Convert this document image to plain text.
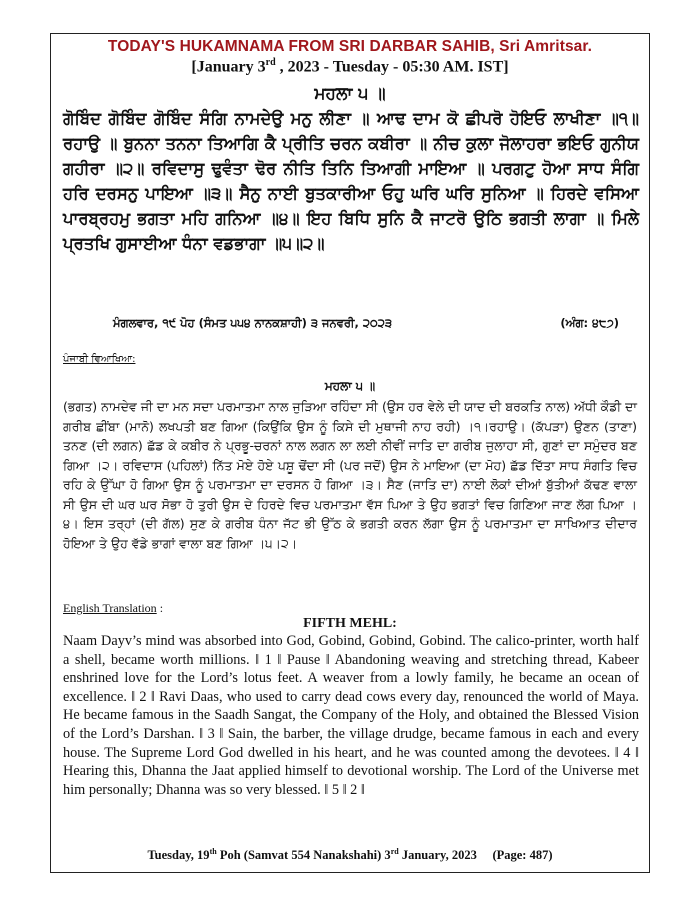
TODAY'S HUKAMNAMA FROM SRI DARBAR SAHIB, Sri Amritsar.
[January 3rd , 2023 - Tuesday - 05:30 AM. IST]
ਮਹਲਾ ੫ ॥
ਗੋਬਿੰਦ ਗੋਬਿੰਦ ਗੋਬਿੰਦ ਸੰਗਿ ਨਾਮਦੇਉ ਮਨੁ ਲੀਣਾ ॥ ਆਢ ਦਾਮ ਕੋ ਛੀਪਰੋ ਹੋਇਓ ਲਾਖੀਣਾ ॥੧॥ ਰਹਾਉ ॥ ਬੁਨਨਾ ਤਨਨਾ ਤਿਆਗਿ ਕੈ ਪ੍ਰੀਤਿ ਚਰਨ ਕਬੀਰਾ ॥ ਨੀਚ ਕੁਲਾ ਜੋਲਾਹਰਾ ਭਇਓ ਗੁਨੀਯ ਗਹੀਰਾ ॥੨॥ ਰਵਿਦਾਸੁ ਢੁਵੰਤਾ ਢੋਰ ਨੀਤਿ ਤਿਨਿ ਤਿਆਗੀ ਮਾਇਆ ॥ ਪਰਗਟੁ ਹੋਆ ਸਾਧ ਸੰਗਿ ਹਰਿ ਦਰਸਨੁ ਪਾਇਆ ॥੩॥ ਸੈਨੁ ਨਾਈ ਬੁਤਕਾਰੀਆ ਓਹੁ ਘਰਿ ਘਰਿ ਸੁਨਿਆ ॥ ਹਿਰਦੇ ਵਸਿਆ ਪਾਰਬ੍ਰਹਮੁ ਭਗਤਾ ਮਹਿ ਗਨਿਆ ॥੪॥ ਇਹ ਬਿਧਿ ਸੁਨਿ ਕੈ ਜਾਟਰੋ ਉਠਿ ਭਗਤੀ ਲਾਗਾ ॥ ਮਿਲੇ ਪ੍ਰਤਖਿ ਗੁਸਾਈਆ ਧੰਨਾ ਵਡਭਾਗਾ ॥੫॥੨॥
ਮੰਗਲਵਾਰ, ੧੯ ਪੋਹ (ਸੰਮਤ ੫੫੪ ਨਾਨਕਸ਼ਾਹੀ) ੩ ਜਨਵਰੀ, ੨੦੨੩	(ਅੰਗ: ੪੮੭)
ਪੰਜਾਬੀ ਵਿਆਖਿਆ:
ਮਹਲਾ ੫ ॥
(ਭਗਤ) ਨਾਮਦੇਵ ਜੀ ਦਾ ਮਨ ਸਦਾ ਪਰਮਾਤਮਾ ਨਾਲ ਜੁੜਿਆ ਰਹਿੰਦਾ ਸੀ (ਉਸ ਹਰ ਵੇਲੇ ਦੀ ਯਾਦ ਦੀ ਬਰਕਤਿ ਨਾਲ) ਅੱਧੀ ਕੌਡੀ ਦਾ ਗਰੀਬ ਛੀਂਬਾ (ਮਾਨੋ) ਲਖਪਤੀ ਬਣ ਗਿਆ (ਕਿਉਂਕਿ ਉਸ ਨੂੰ ਕਿਸੇ ਦੀ ਮੁਥਾਜੀ ਨਾਹ ਰਹੀ) ।੧।ਰਹਾਉ। (ਕੱਪੜਾ) ਉਣਨ (ਤਾਣਾ) ਤਨਣ (ਦੀ ਲਗਨ) ਛੱਡ ਕੇ ਕਬੀਰ ਨੇ ਪ੍ਰਭੂ-ਚਰਨਾਂ ਨਾਲ ਲਗਨ ਲਾ ਲਈ ਨੀਵੀਂ ਜਾਤਿ ਦਾ ਗਰੀਬ ਜੁਲਾਹਾ ਸੀ, ਗੁਣਾਂ ਦਾ ਸਮੁੰਦਰ ਬਣ ਗਿਆ ।੨। ਰਵਿਦਾਸ (ਪਹਿਲਾਂ) ਨਿੱਤ ਮੋਏ ਹੋਏ ਪਸ਼ੂ ਢੋਂਦਾ ਸੀ (ਪਰ ਜਦੋਂ) ਉਸ ਨੇ ਮਾਇਆ (ਦਾ ਮੋਹ) ਛੱਡ ਦਿੱਤਾ ਸਾਧ ਸੰਗਤਿ ਵਿਚ ਰਹਿ ਕੇ ਉੱਘਾ ਹੋ ਗਿਆ ਉਸ ਨੂੰ ਪਰਮਾਤਮਾ ਦਾ ਦਰਸਨ ਹੋ ਗਿਆ ।੩। ਸੈਣ (ਜਾਤਿ ਦਾ) ਨਾਈ ਲੋਕਾਂ ਦੀਆਂ ਬੁੱਤੀਆਂ ਕੱਢਣ ਵਾਲਾ ਸੀ ਉਸ ਦੀ ਘਰ ਘਰ ਸੋਭਾ ਹੋ ਤੁਰੀ ਉਸ ਦੇ ਹਿਰਦੇ ਵਿਚ ਪਰਮਾਤਮਾ ਵੱਸ ਪਿਆ ਤੇ ਉਹ ਭਗਤਾਂ ਵਿਚ ਗਿਣਿਆ ਜਾਣ ਲੱਗ ਪਿਆ ।੪। ਇਸ ਤਰ੍ਹਾਂ (ਦੀ ਗੱਲ) ਸੁਣ ਕੇ ਗਰੀਬ ਧੰਨਾ ਜੱਟ ਭੀ ਉੱਠ ਕੇ ਭਗਤੀ ਕਰਨ ਲੱਗਾ ਉਸ ਨੂੰ ਪਰਮਾਤਮਾ ਦਾ ਸਾਖਿਆਤ ਦੀਦਾਰ ਹੋਇਆ ਤੇ ਉਹ ਵੱਡੇ ਭਾਗਾਂ ਵਾਲਾ ਬਣ ਗਿਆ ।੫।੨।
English Translation :
FIFTH MEHL:
Naam Dayv’s mind was absorbed into God, Gobind, Gobind, Gobind. The calico-printer, worth half a shell, became worth millions. ‖ 1 ‖ Pause ‖ Abandoning weaving and stretching thread, Kabeer enshrined love for the Lord’s lotus feet. A weaver from a lowly family, he became an ocean of excellence. ‖ 2 ‖ Ravi Daas, who used to carry dead cows every day, renounced the world of Maya. He became famous in the Saadh Sangat, the Company of the Holy, and obtained the Blessed Vision of the Lord’s Darshan. ‖ 3 ‖ Sain, the barber, the village drudge, became famous in each and every house. The Supreme Lord God dwelled in his heart, and he was counted among the devotees. ‖ 4 ‖ Hearing this, Dhanna the Jaat applied himself to devotional worship. The Lord of the Universe met him personally; Dhanna was so very blessed. ‖ 5 ‖ 2 ‖
Tuesday, 19th Poh (Samvat 554 Nanakshahi) 3rd January, 2023 (Page: 487)
